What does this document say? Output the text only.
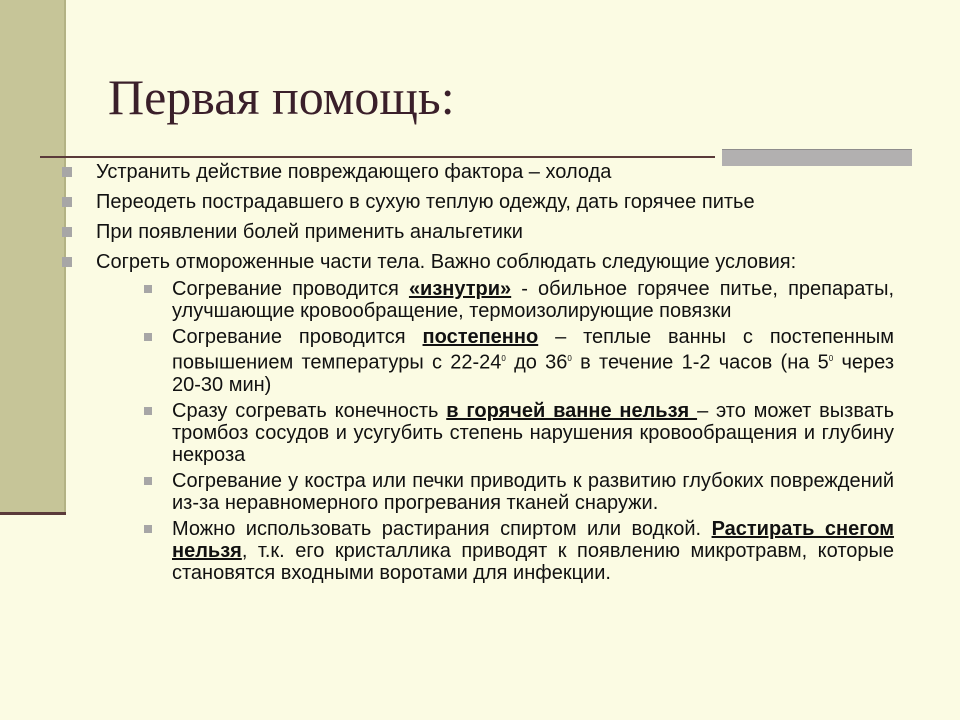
Первая помощь:
Устранить действие повреждающего фактора – холода
Переодеть пострадавшего в сухую теплую одежду, дать горячее питье
При появлении болей применить анальгетики
Согреть отмороженные части тела. Важно соблюдать следующие условия:
Согревание проводится «изнутри» - обильное горячее питье, препараты, улучшающие кровообращение, термоизолирующие повязки
Согревание проводится постепенно – теплые ванны с постепенным повышением температуры с $22-24^0$ до $36^0$ в течение 1-2 часов (на $5^0$ через 20-30 мин)
Сразу согревать конечность в горячей ванне нельзя – это может вызвать тромбоз сосудов и усугубить степень нарушения кровообращения и глубину некроза
Согревание у костра или печки приводить к развитию глубоких повреждений из-за неравномерного прогревания тканей снаружи.
Можно использовать растирания спиртом или водкой. Растирать снегом нельзя, т.к. его кристаллика приводят к появлению микротравм, которые становятся входными воротами для инфекции.
